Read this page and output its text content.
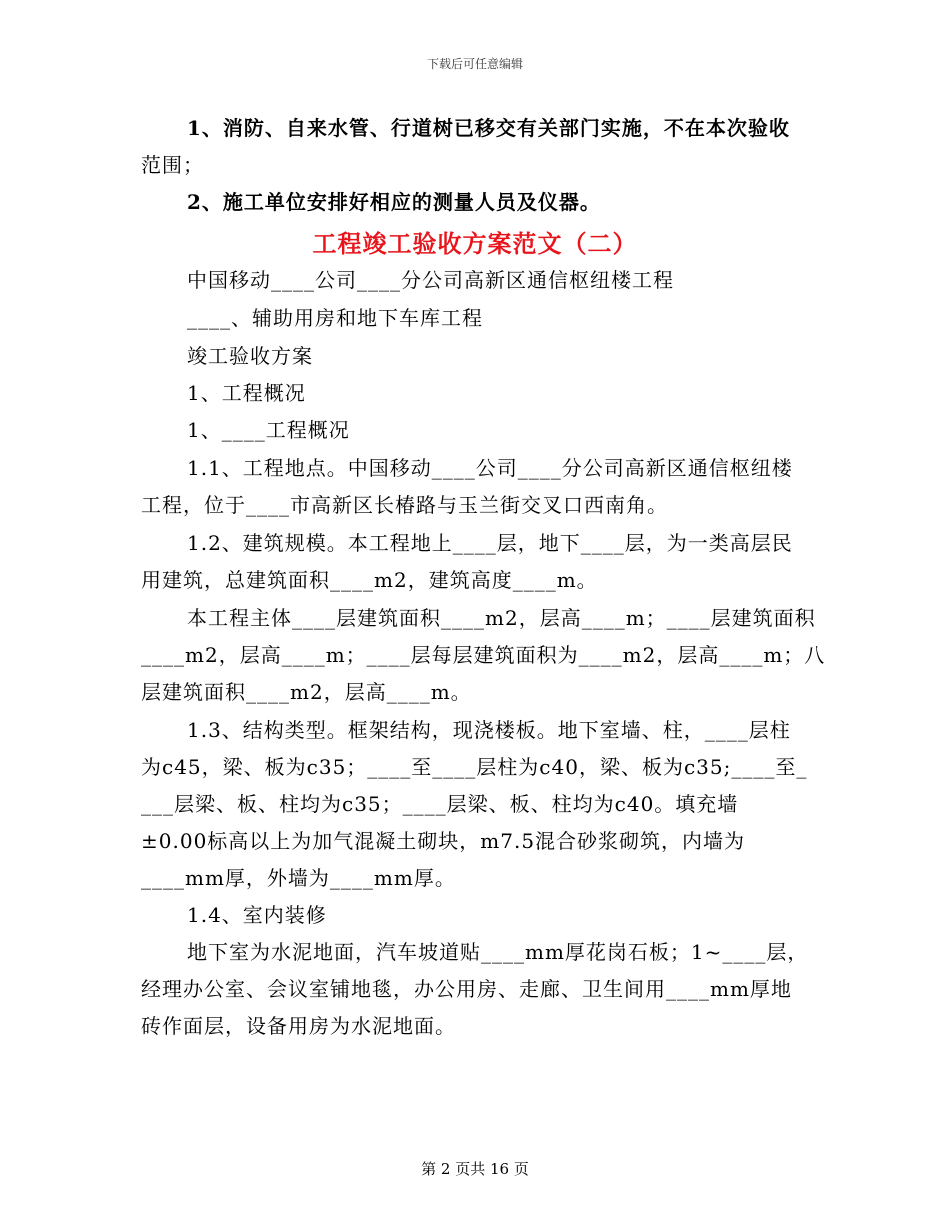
下载后可任意编辑
1、消防、自来水管、行道树已移交有关部门实施，不在本次验收
范围；
2、施工单位安排好相应的测量人员及仪器。
工程竣工验收方案范文（二）
中国移动____公司____分公司高新区通信枢纽楼工程
____、辅助用房和地下车库工程
竣工验收方案
1、工程概况
1、____工程概况
1.1、工程地点。中国移动____公司____分公司高新区通信枢纽楼
工程，位于____市高新区长椿路与玉兰街交叉口西南角。
1.2、建筑规模。本工程地上____层，地下____层，为一类高层民
用建筑，总建筑面积____m2，建筑高度____m。
本工程主体____层建筑面积____m2，层高____m；____层建筑面积
____m2，层高____m；____层每层建筑面积为____m2，层高____m；八
层建筑面积____m2，层高____m。
1.3、结构类型。框架结构，现浇楼板。地下室墙、柱，____层柱
为c45，梁、板为c35；____至____层柱为c40，梁、板为c35;____至_
___层梁、板、柱均为c35；____层梁、板、柱均为c40。填充墙
±0.00标高以上为加气混凝土砌块，m7.5混合砂浆砌筑，内墙为
____mm厚，外墙为____mm厚。
1.4、室内装修
地下室为水泥地面，汽车坡道贴____mm厚花岗石板；1~____层，
经理办公室、会议室铺地毯，办公用房、走廊、卫生间用____mm厚地
砖作面层，设备用房为水泥地面。
第 2 页共 16 页
